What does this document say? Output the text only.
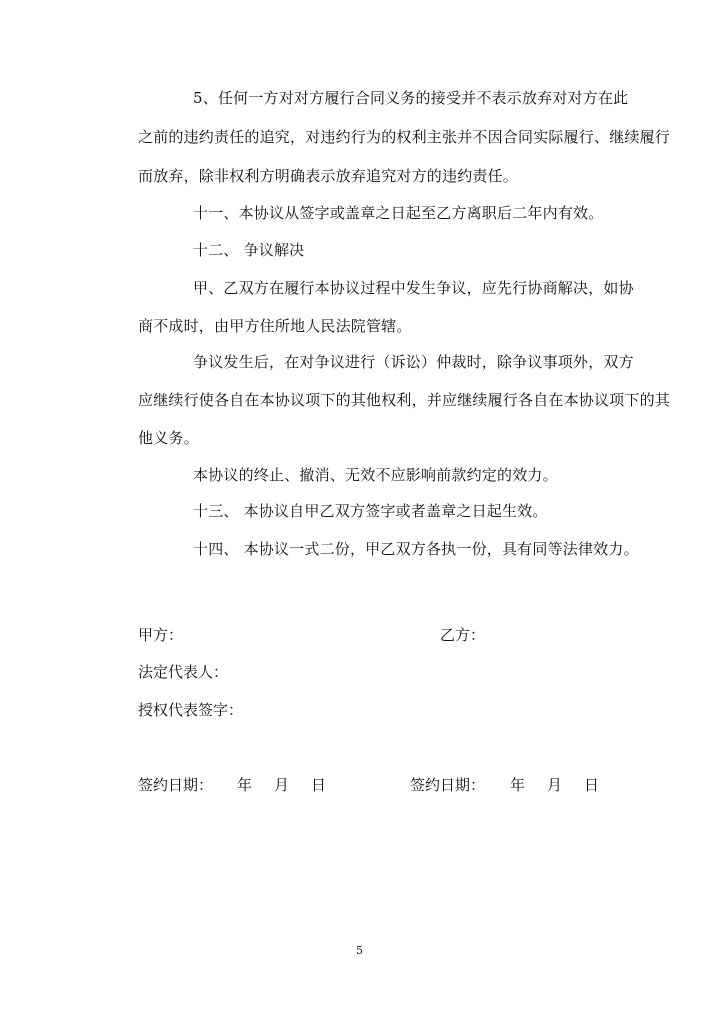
5、任何一方对对方履行合同义务的接受并不表示放弃对对方在此
之前的违约责任的追究，对违约行为的权利主张并不因合同实际履行、继续履行
而放弃，除非权利方明确表示放弃追究对方的违约责任。
十一、本协议从签字或盖章之日起至乙方离职后二年内有效。
十二、 争议解决
甲、乙双方在履行本协议过程中发生争议，应先行协商解决，如协
商不成时，由甲方住所地人民法院管辖。
争议发生后，在对争议进行（诉讼）仲裁时，除争议事项外，双方
应继续行使各自在本协议项下的其他权利，并应继续履行各自在本协议项下的其
他义务。
本协议的终止、撤消、无效不应影响前款约定的效力。
十三、 本协议自甲乙双方签字或者盖章之日起生效。
十四、 本协议一式二份，甲乙双方各执一份，具有同等法律效力。
甲方：	乙方：
法定代表人：
授权代表签字：
签约日期： 年 月 日	签约日期： 年 月 日
5
